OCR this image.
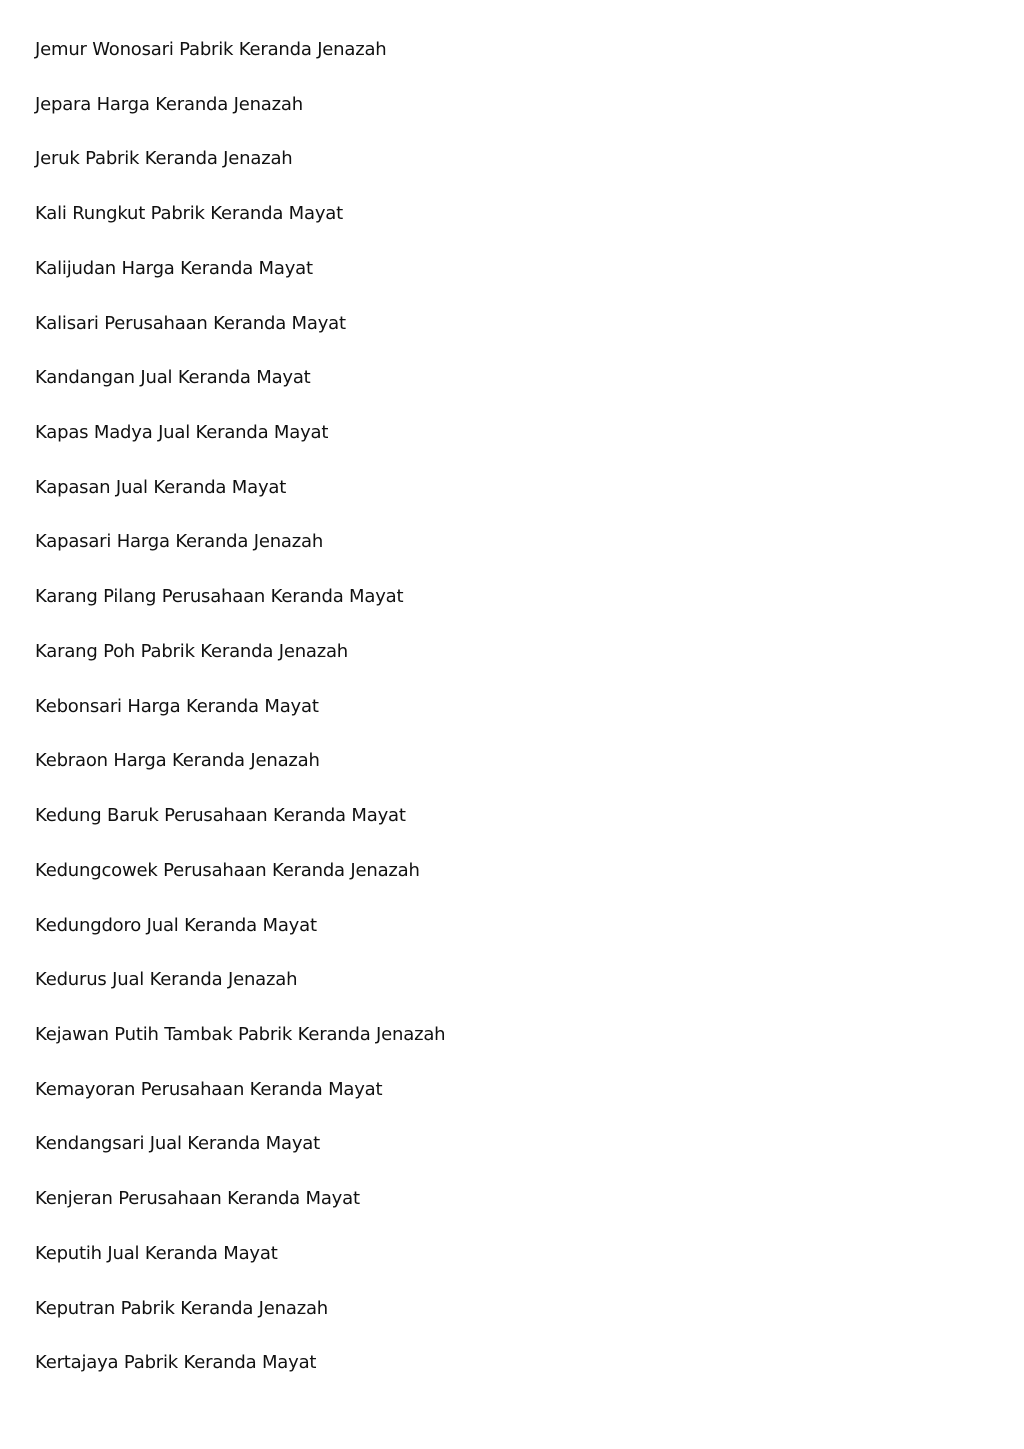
Jemur Wonosari Pabrik Keranda Jenazah
Jepara Harga Keranda Jenazah
Jeruk Pabrik Keranda Jenazah
Kali Rungkut Pabrik Keranda Mayat
Kalijudan Harga Keranda Mayat
Kalisari Perusahaan Keranda Mayat
Kandangan Jual Keranda Mayat
Kapas Madya Jual Keranda Mayat
Kapasan Jual Keranda Mayat
Kapasari Harga Keranda Jenazah
Karang Pilang Perusahaan Keranda Mayat
Karang Poh Pabrik Keranda Jenazah
Kebonsari Harga Keranda Mayat
Kebraon Harga Keranda Jenazah
Kedung Baruk Perusahaan Keranda Mayat
Kedungcowek Perusahaan Keranda Jenazah
Kedungdoro Jual Keranda Mayat
Kedurus Jual Keranda Jenazah
Kejawan Putih Tambak Pabrik Keranda Jenazah
Kemayoran Perusahaan Keranda Mayat
Kendangsari Jual Keranda Mayat
Kenjeran Perusahaan Keranda Mayat
Keputih Jual Keranda Mayat
Keputran Pabrik Keranda Jenazah
Kertajaya Pabrik Keranda Mayat
